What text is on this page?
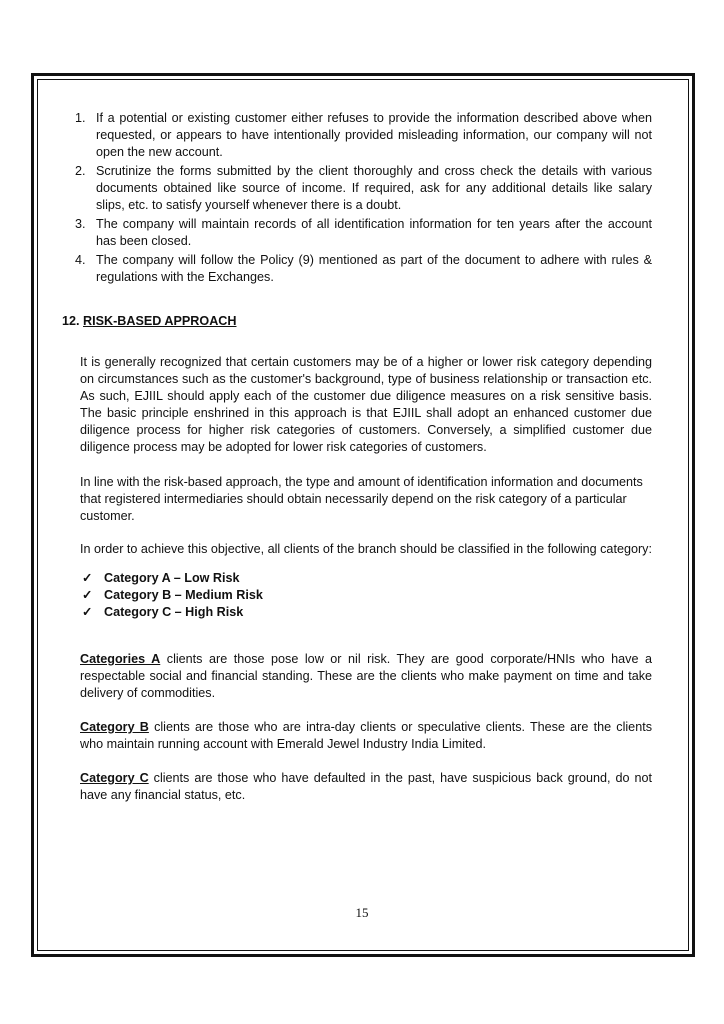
1. If a potential or existing customer either refuses to provide the information described above when requested, or appears to have intentionally provided misleading information, our company will not open the new account.
2. Scrutinize the forms submitted by the client thoroughly and cross check the details with various documents obtained like source of income. If required, ask for any additional details like salary slips, etc. to satisfy yourself whenever there is a doubt.
3. The company will maintain records of all identification information for ten years after the account has been closed.
4. The company will follow the Policy (9) mentioned as part of the document to adhere with rules & regulations with the Exchanges.
12. RISK-BASED APPROACH

It is generally recognized that certain customers may be of a higher or lower risk category depending on circumstances such as the customer's background, type of business relationship or transaction etc. As such, EJIIL should apply each of the customer due diligence measures on a risk sensitive basis. The basic principle enshrined in this approach is that EJIIL shall adopt an enhanced customer due diligence process for higher risk categories of customers. Conversely, a simplified customer due diligence process may be adopted for lower risk categories of customers.

In line with the risk-based approach, the type and amount of identification information and documents that registered intermediaries should obtain necessarily depend on the risk category of a particular customer.

In order to achieve this objective, all clients of the branch should be classified in the following category:

✓ Category A – Low Risk
✓ Category B – Medium Risk
✓ Category C – High Risk

Categories A clients are those pose low or nil risk. They are good corporate/HNIs who have a respectable social and financial standing. These are the clients who make payment on time and take delivery of commodities.

Category B clients are those who are intra-day clients or speculative clients. These are the clients who maintain running account with Emerald Jewel Industry India Limited.

Category C clients are those who have defaulted in the past, have suspicious back ground, do not have any financial status, etc.

15
